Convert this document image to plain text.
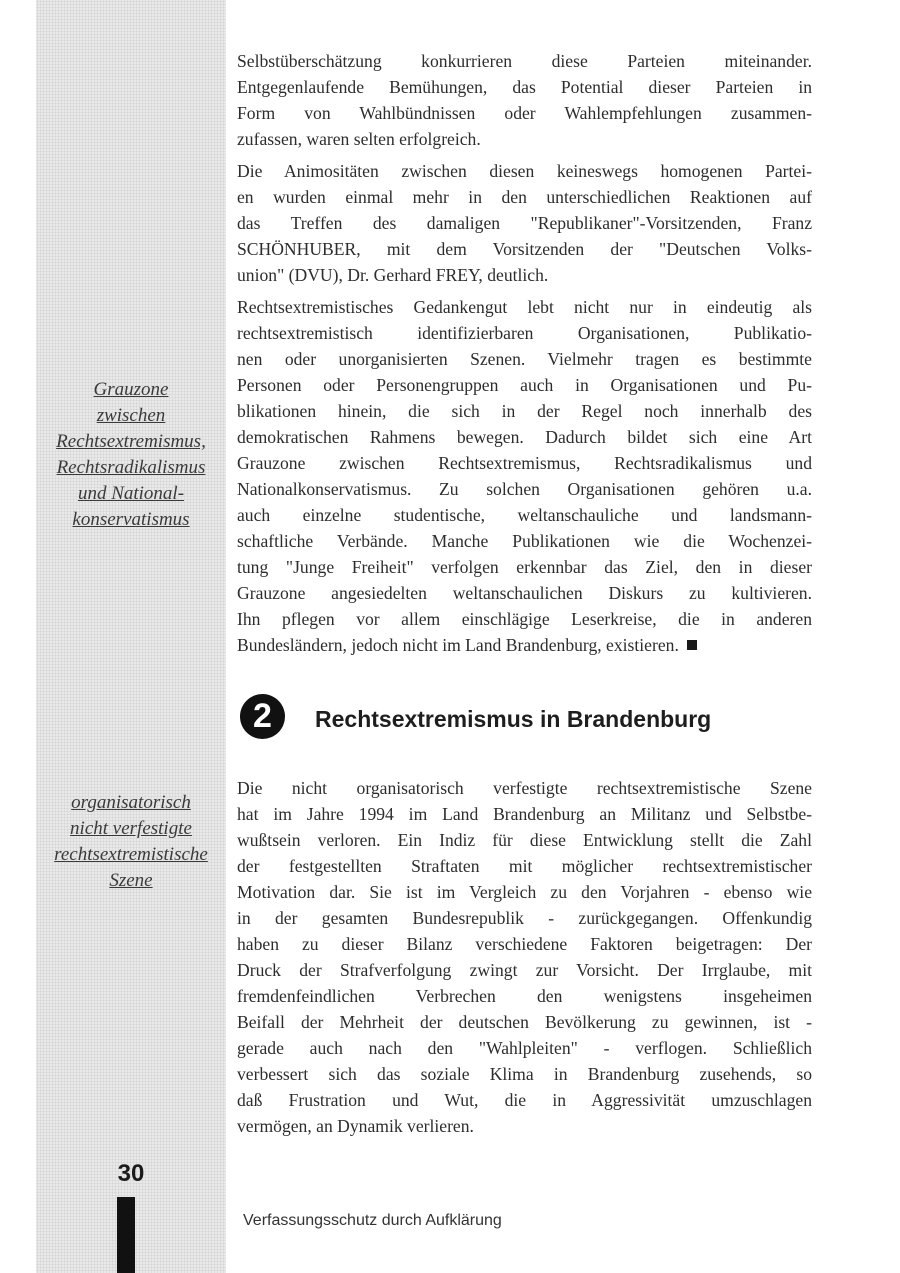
Grauzone
zwischen
Rechtsextremismus,
Rechtsradikalismus
und National-
konservatismus
organisatorisch
nicht verfestigte
rechtsextremistische
Szene
30
Selbstüberschätzung konkurrieren diese Parteien miteinander.
Entgegenlaufende Bemühungen, das Potential dieser Parteien in
Form von Wahlbündnissen oder Wahlempfehlungen zusammen-
zufassen, waren selten erfolgreich.
Die Animositäten zwischen diesen keineswegs homogenen Partei-
en wurden einmal mehr in den unterschiedlichen Reaktionen auf
das Treffen des damaligen "Republikaner"-Vorsitzenden, Franz
SCHÖNHUBER, mit dem Vorsitzenden der "Deutschen Volks-
union" (DVU), Dr. Gerhard FREY, deutlich.
Rechtsextremistisches Gedankengut lebt nicht nur in eindeutig als
rechtsextremistisch identifizierbaren Organisationen, Publikatio-
nen oder unorganisierten Szenen. Vielmehr tragen es bestimmte
Personen oder Personengruppen auch in Organisationen und Pu-
blikationen hinein, die sich in der Regel noch innerhalb des
demokratischen Rahmens bewegen. Dadurch bildet sich eine Art
Grauzone zwischen Rechtsextremismus, Rechtsradikalismus und
Nationalkonservatismus. Zu solchen Organisationen gehören u.a.
auch einzelne studentische, weltanschauliche und landsmann-
schaftliche Verbände. Manche Publikationen wie die Wochenzei-
tung "Junge Freiheit" verfolgen erkennbar das Ziel, den in dieser
Grauzone angesiedelten weltanschaulichen Diskurs zu kultivieren.
Ihn pflegen vor allem einschlägige Leserkreise, die in anderen
Bundesländern, jedoch nicht im Land Brandenburg, existieren.
2	Rechtsextremismus in Brandenburg
Die nicht organisatorisch verfestigte rechtsextremistische Szene
hat im Jahre 1994 im Land Brandenburg an Militanz und Selbstbe-
wußtsein verloren. Ein Indiz für diese Entwicklung stellt die Zahl
der festgestellten Straftaten mit möglicher rechtsextremistischer
Motivation dar. Sie ist im Vergleich zu den Vorjahren - ebenso wie
in der gesamten Bundesrepublik - zurückgegangen. Offenkundig
haben zu dieser Bilanz verschiedene Faktoren beigetragen: Der
Druck der Strafverfolgung zwingt zur Vorsicht. Der Irrglaube, mit
fremdenfeindlichen Verbrechen den wenigstens insgeheimen
Beifall der Mehrheit der deutschen Bevölkerung zu gewinnen, ist -
gerade auch nach den "Wahlpleiten" - verflogen. Schließlich
verbessert sich das soziale Klima in Brandenburg zusehends, so
daß Frustration und Wut, die in Aggressivität umzuschlagen
vermögen, an Dynamik verlieren.
Verfassungsschutz durch Aufklärung
